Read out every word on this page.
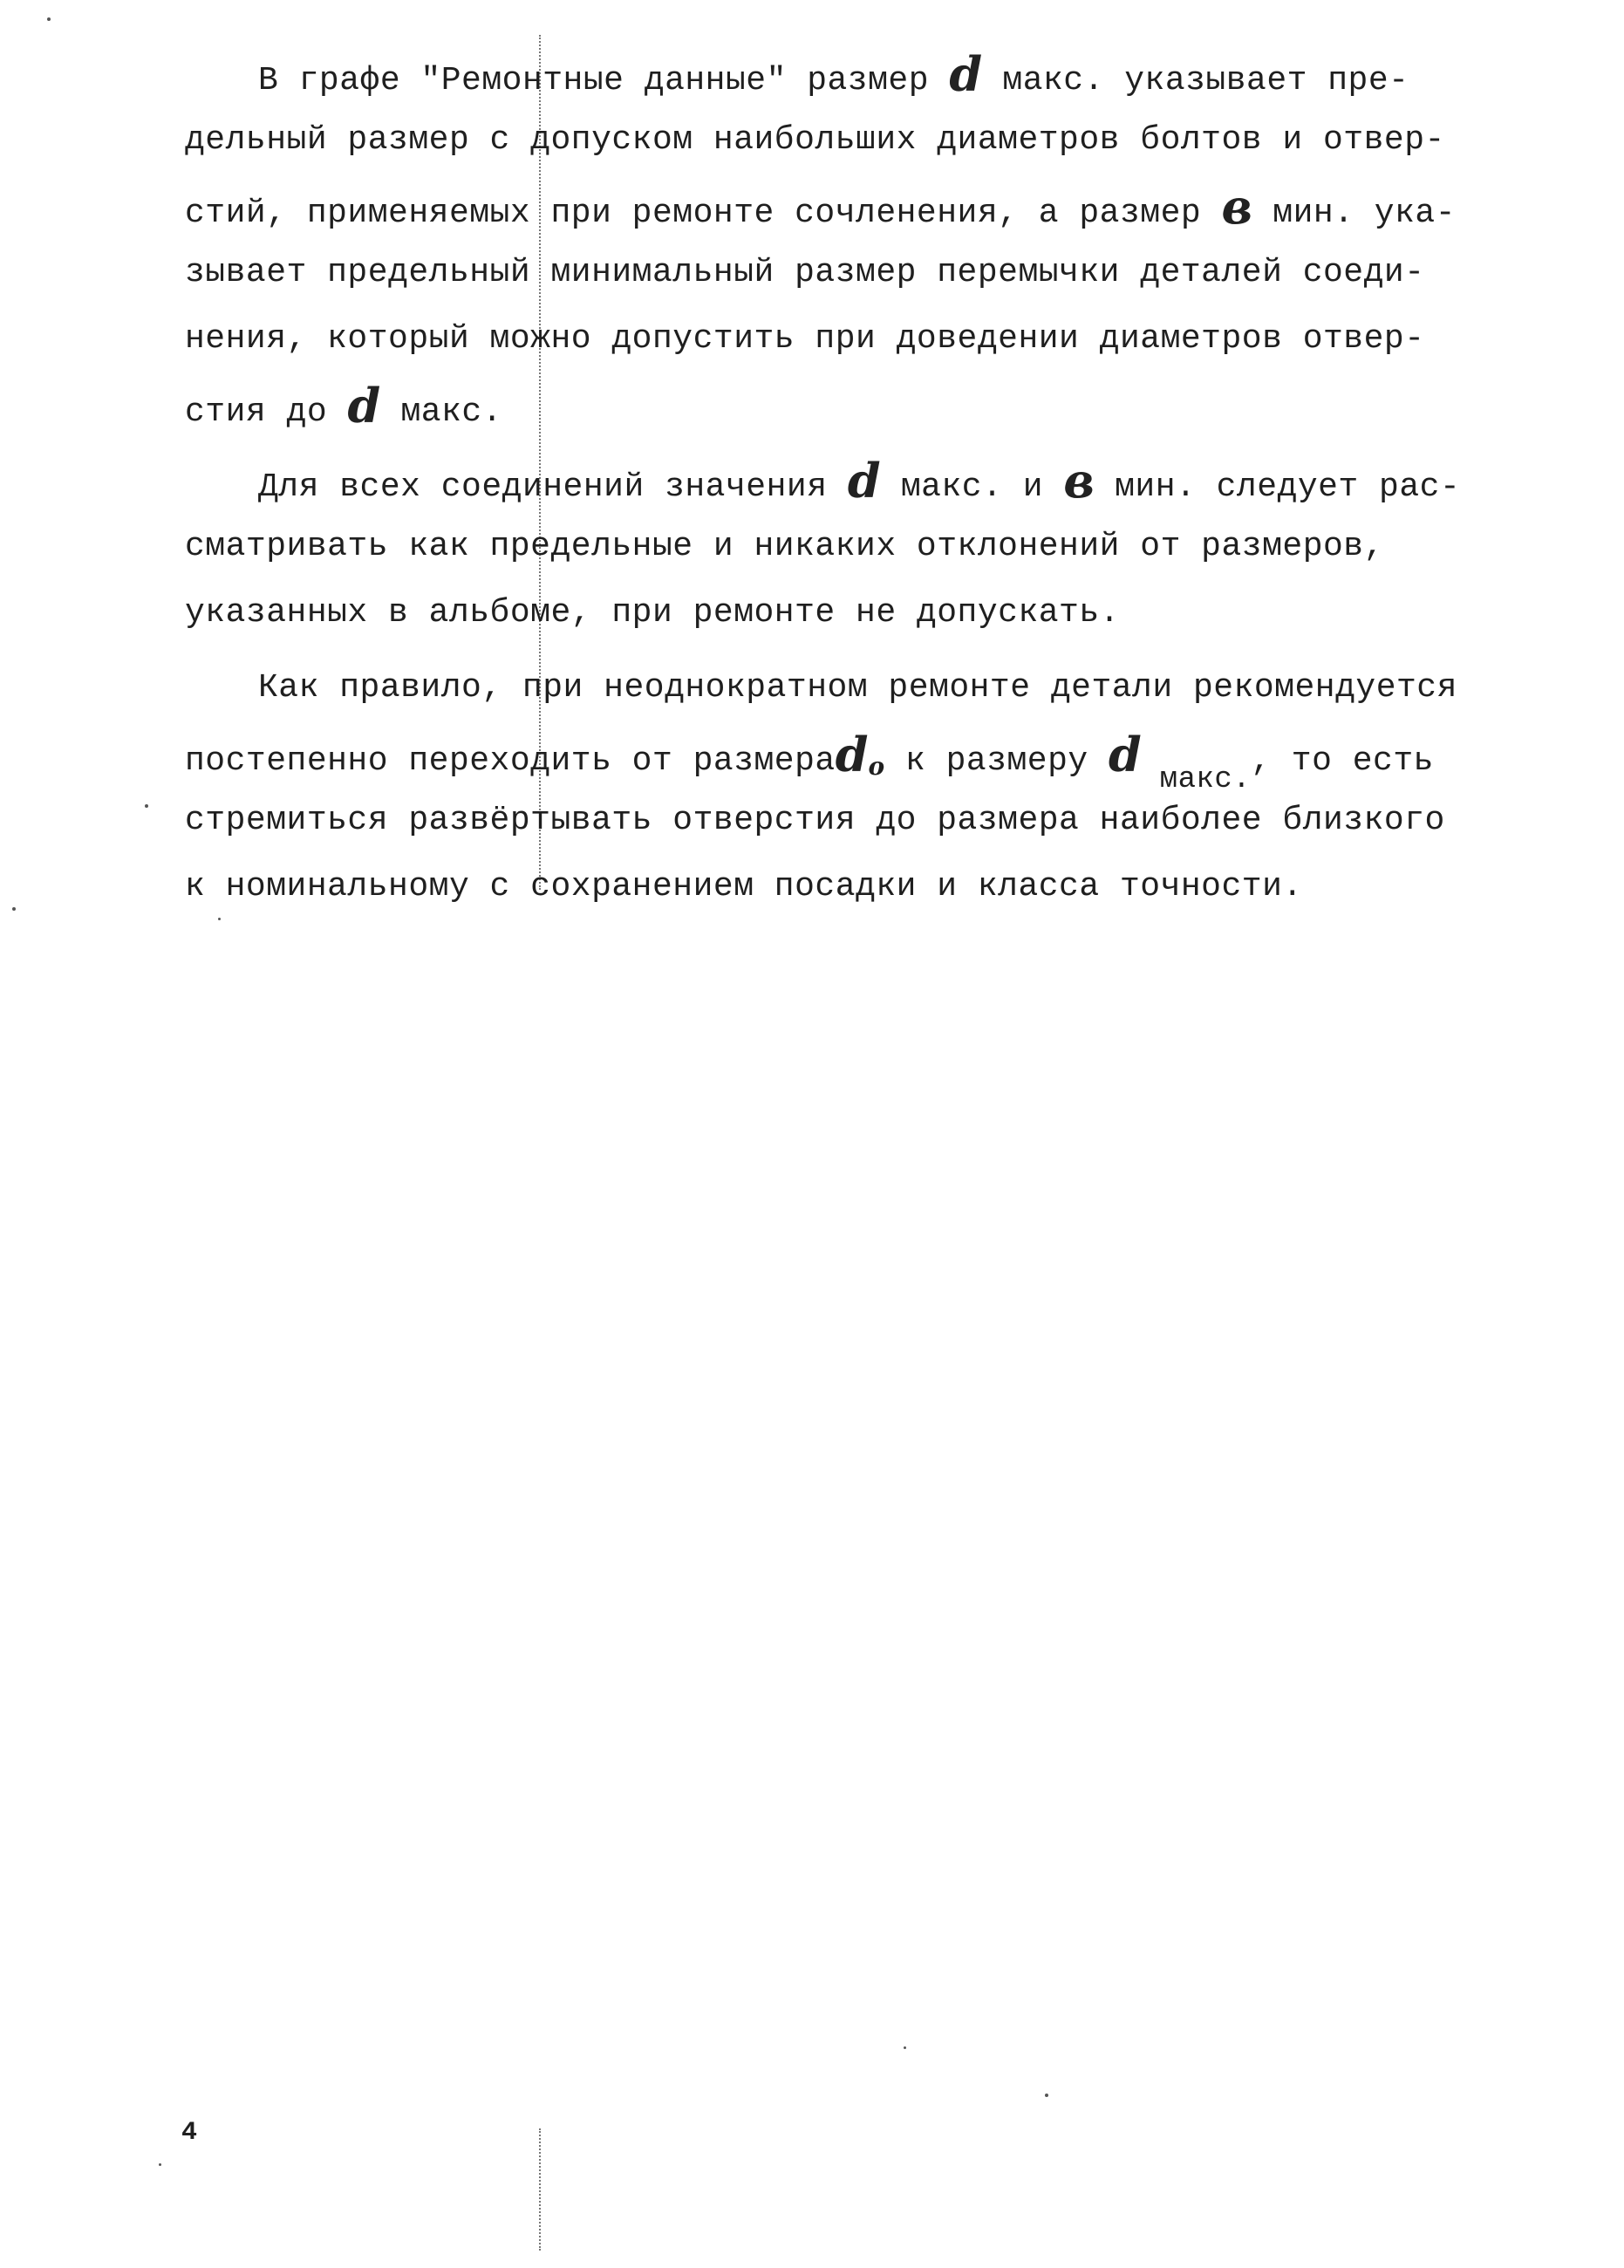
В графе "Ремонтные данные" размер d макс. указывает пре-
дельный размер с допуском наибольших диаметров болтов и отвер-
стий, применяемых при ремонте сочленения, а размер в мин. ука-
зывает предельный минимальный размер перемычки деталей соеди-
нения, который можно допустить при доведении диаметров отвер-
стия до d макс.
Для всех соединений значения d макс. и в мин. следует рас-
сматривать как предельные и никаких отклонений от размеров,
указанных в альбоме, при ремонте не допускать.
Как правило, при неоднократном ремонте детали рекомендуется
постепенно переходить от размераdо к размеру d макс., то есть
стремиться развёртывать отверстия до размера наиболее близкого
к номинальному с сохранением посадки и класса точности.
4
